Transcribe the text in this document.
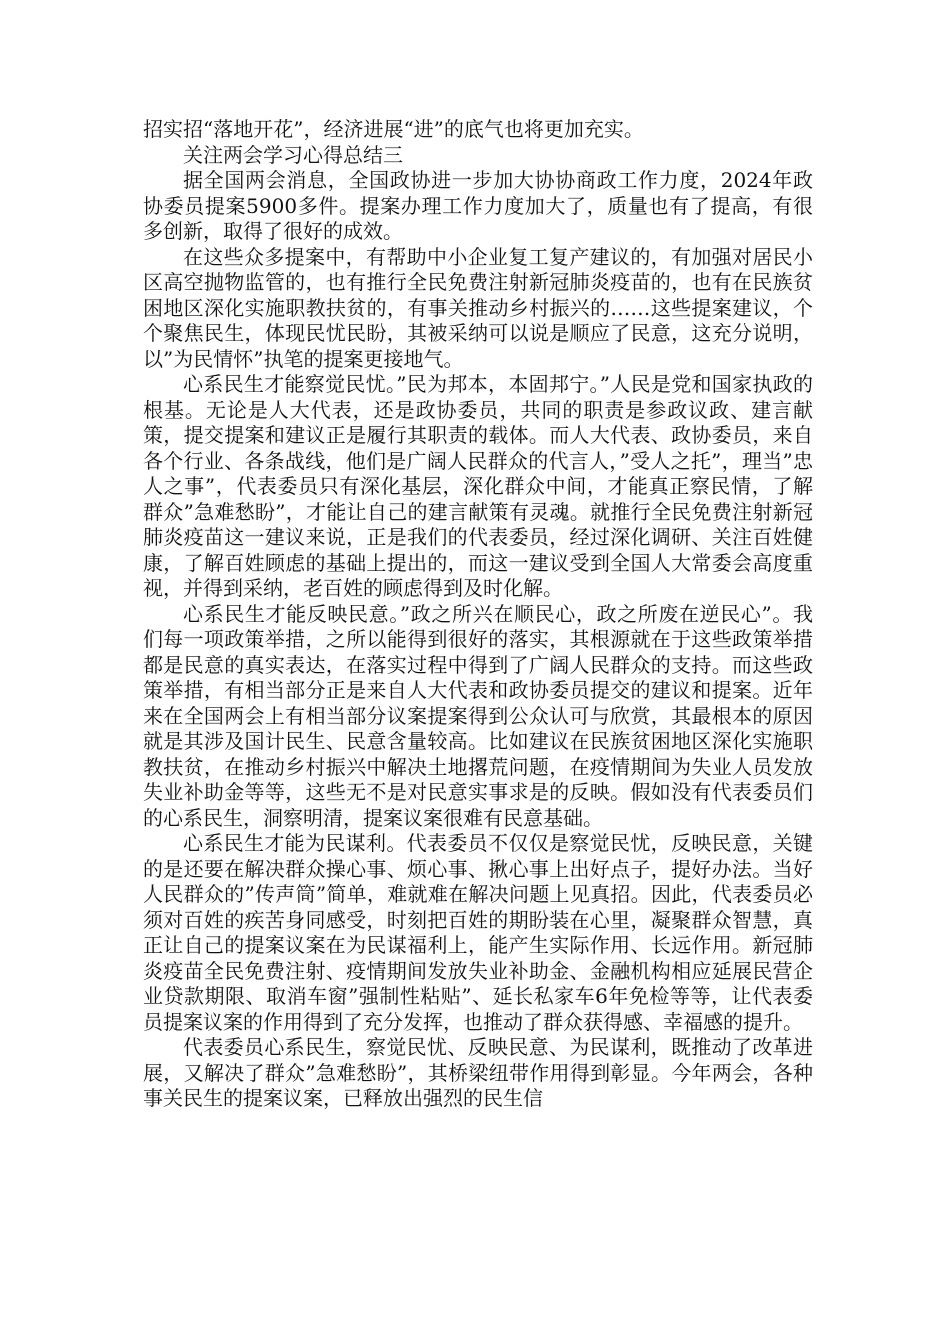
招实招“落地开花”，经济进展“进”的底气也将更加充实。

关注两会学习心得总结三

据全国两会消息，全国政协进一步加大协协商政工作力度，2024年政协委员提案5900多件。提案办理工作力度加大了，质量也有了提高，有很多创新，取得了很好的成效。

在这些众多提案中，有帮助中小企业复工复产建议的，有加强对居民小区高空抛物监管的，也有推行全民免费注射新冠肺炎疫苗的，也有在民族贫困地区深化实施职教扶贫的，有事关推动乡村振兴的……这些提案建议，个个聚焦民生，体现民忧民盼，其被采纳可以说是顺应了民意，这充分说明，以”为民情怀”执笔的提案更接地气。

心系民生才能察觉民忧。”民为邦本，本固邦宁。”人民是党和国家执政的根基。无论是人大代表，还是政协委员，共同的职责是参政议政、建言献策，提交提案和建议正是履行其职责的载体。而人大代表、政协委员，来自各个行业、各条战线，他们是广阔人民群众的代言人，”受人之托”，理当”忠人之事”，代表委员只有深化基层，深化群众中间，才能真正察民情，了解群众”急难愁盼”，才能让自己的建言献策有灵魂。就推行全民免费注射新冠肺炎疫苗这一建议来说，正是我们的代表委员，经过深化调研、关注百姓健康，了解百姓顾虑的基础上提出的，而这一建议受到全国人大常委会高度重视，并得到采纳，老百姓的顾虑得到及时化解。

心系民生才能反映民意。”政之所兴在顺民心，政之所废在逆民心”。我们每一项政策举措，之所以能得到很好的落实，其根源就在于这些政策举措都是民意的真实表达，在落实过程中得到了广阔人民群众的支持。而这些政策举措，有相当部分正是来自人大代表和政协委员提交的建议和提案。近年来在全国两会上有相当部分议案提案得到公众认可与欣赏，其最根本的原因就是其涉及国计民生、民意含量较高。比如建议在民族贫困地区深化实施职教扶贫，在推动乡村振兴中解决土地撂荒问题，在疫情期间为失业人员发放失业补助金等等，这些无不是对民意实事求是的反映。假如没有代表委员们的心系民生，洞察明清，提案议案很难有民意基础。

心系民生才能为民谋利。代表委员不仅仅是察觉民忧，反映民意，关键的是还要在解决群众操心事、烦心事、揪心事上出好点子，提好办法。当好人民群众的”传声筒”简单，难就难在解决问题上见真招。因此，代表委员必须对百姓的疾苦身同感受，时刻把百姓的期盼装在心里，凝聚群众智慧，真正让自己的提案议案在为民谋福利上，能产生实际作用、长远作用。新冠肺炎疫苗全民免费注射、疫情期间发放失业补助金、金融机构相应延展民营企业贷款期限、取消车窗”强制性粘贴”、延长私家车6年免检等等，让代表委员提案议案的作用得到了充分发挥，也推动了群众获得感、幸福感的提升。

代表委员心系民生，察觉民忧、反映民意、为民谋利，既推动了改革进展，又解决了群众”急难愁盼”，其桥梁纽带作用得到彰显。今年两会，各种事关民生的提案议案，已释放出强烈的民生信
